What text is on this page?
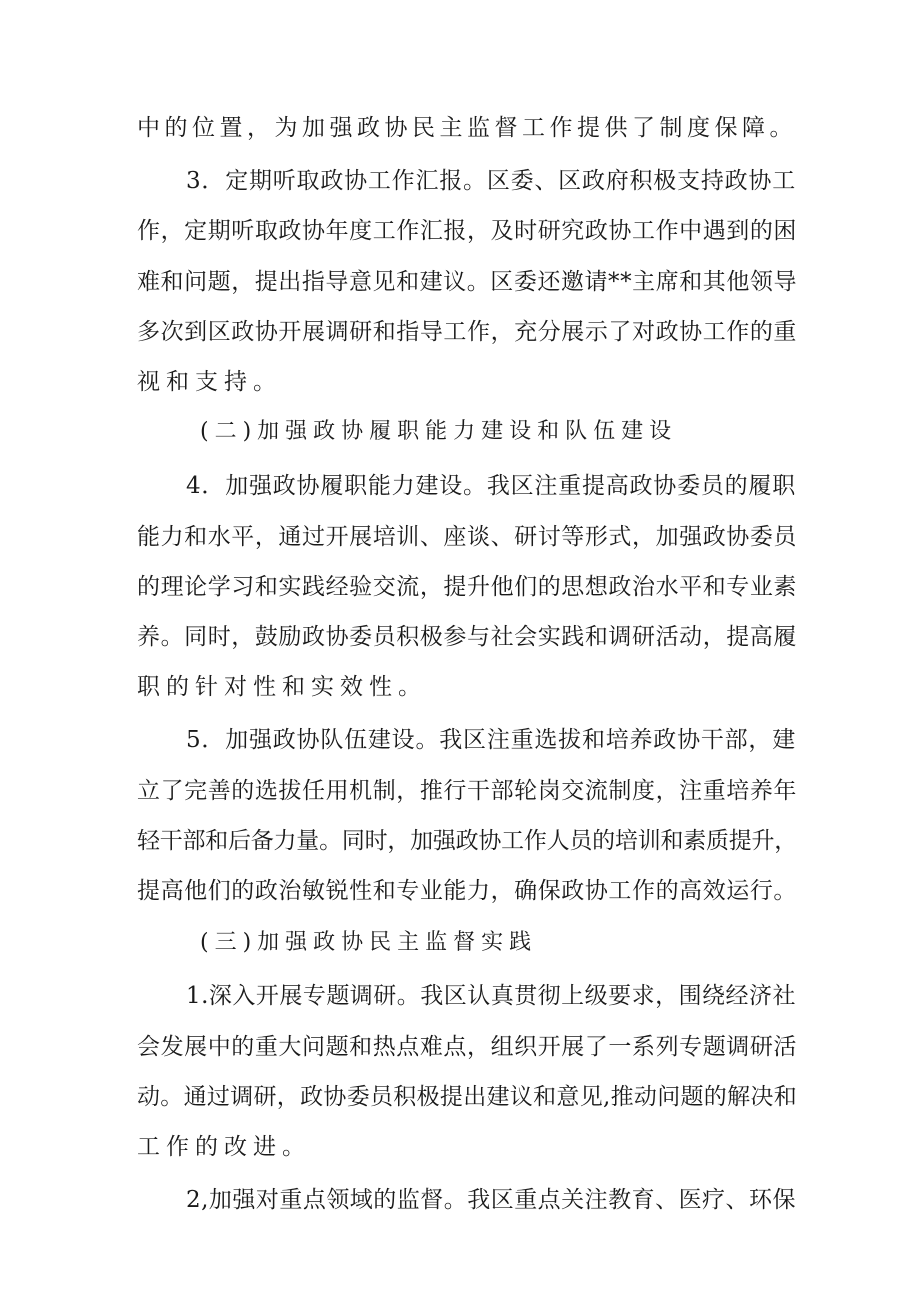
中的位置，为加强政协民主监督工作提供了制度保障。
3．定期听取政协工作汇报。区委、区政府积极支持政协工
作，定期听取政协年度工作汇报，及时研究政协工作中遇到的困
难和问题，提出指导意见和建议。区委还邀请**主席和其他领导
多次到区政协开展调研和指导工作，充分展示了对政协工作的重
视和支持。
(二)加强政协履职能力建设和队伍建设
4．加强政协履职能力建设。我区注重提高政协委员的履职
能力和水平，通过开展培训、座谈、研讨等形式，加强政协委员
的理论学习和实践经验交流，提升他们的思想政治水平和专业素
养。同时，鼓励政协委员积极参与社会实践和调研活动，提高履
职的针对性和实效性。
5．加强政协队伍建设。我区注重选拔和培养政协干部，建
立了完善的选拔任用机制，推行干部轮岗交流制度，注重培养年
轻干部和后备力量。同时，加强政协工作人员的培训和素质提升，
提高他们的政治敏锐性和专业能力，确保政协工作的高效运行。
(三)加强政协民主监督实践
1.深入开展专题调研。我区认真贯彻上级要求，围绕经济社
会发展中的重大问题和热点难点，组织开展了一系列专题调研活
动。通过调研，政协委员积极提出建议和意见,推动问题的解决和
工作的改进。
2,加强对重点领域的监督。我区重点关注教育、医疗、环保
